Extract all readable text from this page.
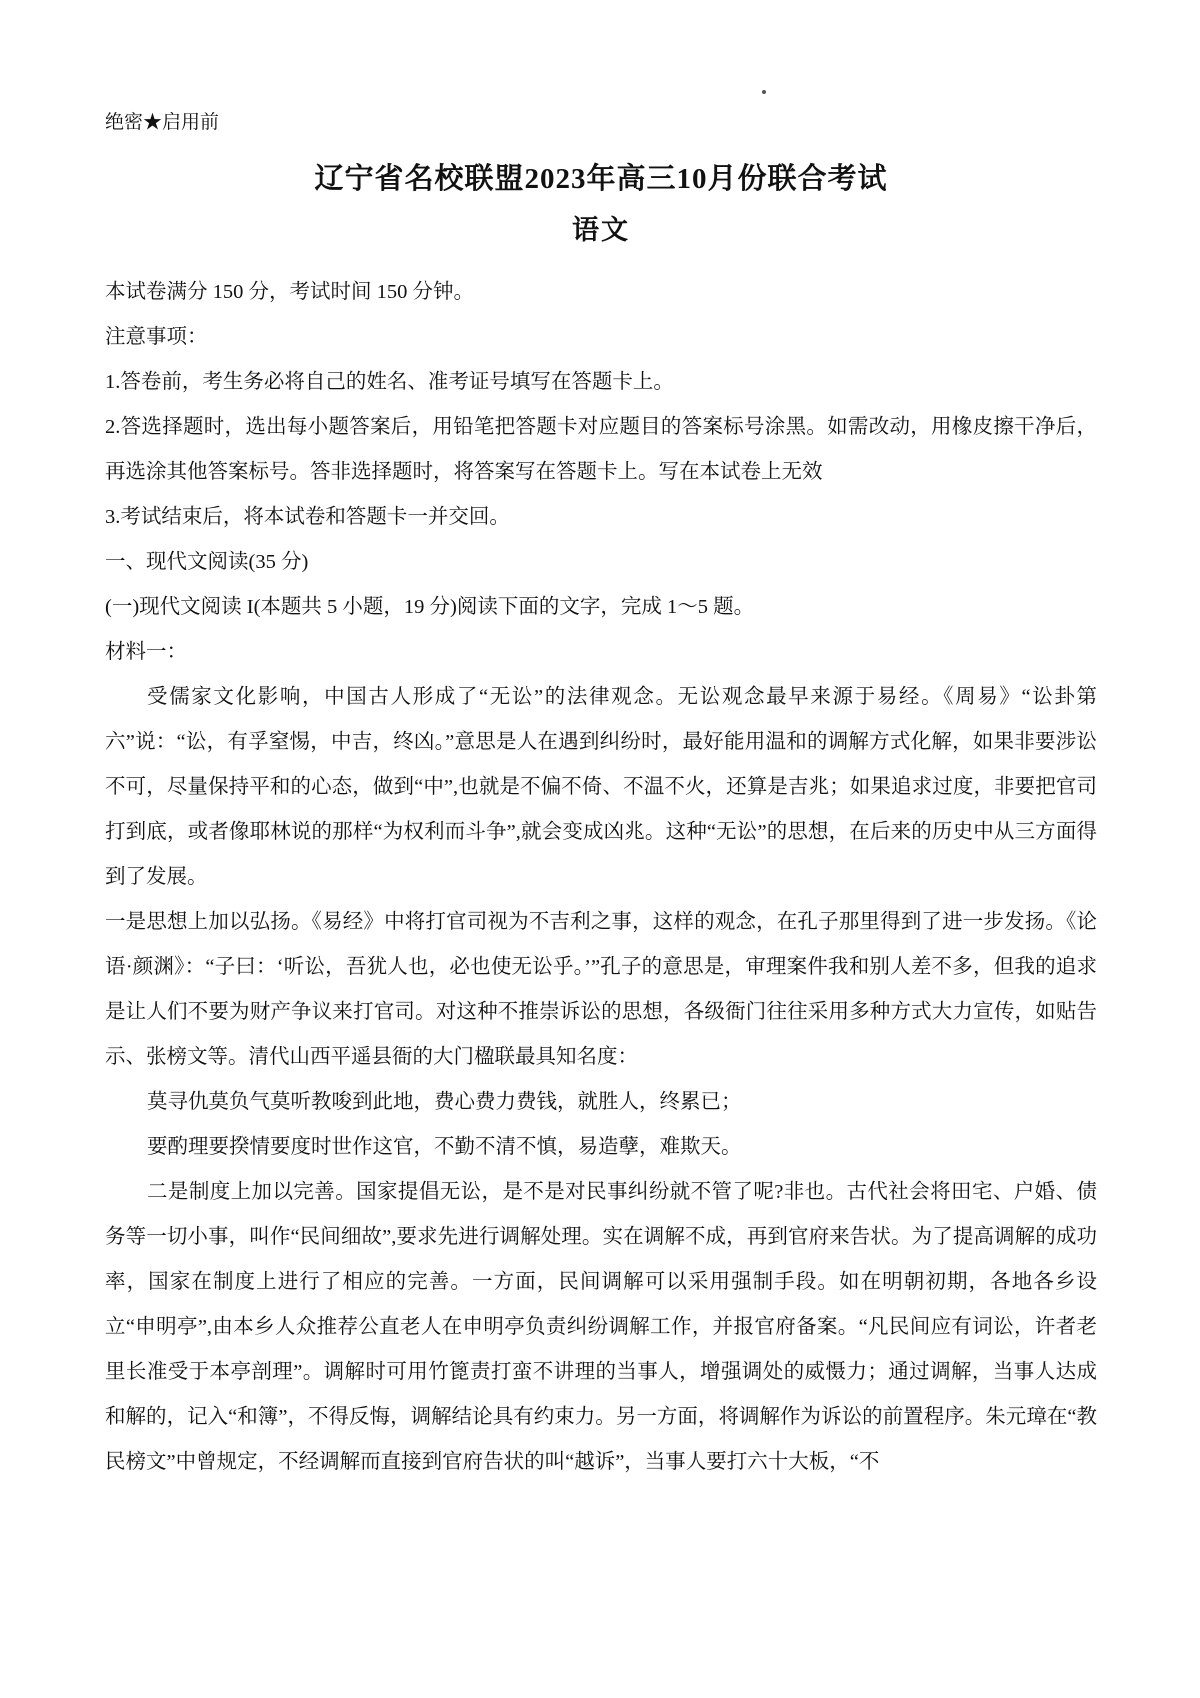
绝密★启用前
辽宁省名校联盟2023年高三10月份联合考试
语文

本试卷满分 150 分，考试时间 150 分钟。

注意事项：

1.答卷前，考生务必将自己的姓名、准考证号填写在答题卡上。

2.答选择题时，选出每小题答案后，用铅笔把答题卡对应题目的答案标号涂黑。如需改动，用橡皮擦干净后，再选涂其他答案标号。答非选择题时，将答案写在答题卡上。写在本试卷上无效

3.考试结束后，将本试卷和答题卡一并交回。

一、现代文阅读(35 分)

(一)现代文阅读 I(本题共 5 小题，19 分)阅读下面的文字，完成 1～5 题。

材料一：

受儒家文化影响，中国古人形成了“无讼”的法律观念。无讼观念最早来源于易经。《周易》“讼卦第六”说：“讼，有孚窒惕，中吉，终凶。”意思是人在遇到纠纷时，最好能用温和的调解方式化解，如果非要涉讼不可，尽量保持平和的心态，做到“中”,也就是不偏不倚、不温不火，还算是吉兆；如果追求过度，非要把官司打到底，或者像耶林说的那样“为权利而斗争”,就会变成凶兆。这种“无讼”的思想，在后来的历史中从三方面得到了发展。

一是思想上加以弘扬。《易经》中将打官司视为不吉利之事，这样的观念，在孔子那里得到了进一步发扬。《论语·颜渊》：“子曰：‘听讼，吾犹人也，必也使无讼乎。’”孔子的意思是，审理案件我和别人差不多，但我的追求是让人们不要为财产争议来打官司。对这种不推崇诉讼的思想，各级衙门往往采用多种方式大力宣传，如贴告示、张榜文等。清代山西平遥县衙的大门楹联最具知名度：

莫寻仇莫负气莫听教唆到此地，费心费力费钱，就胜人，终累已；

要酌理要揆情要度时世作这官，不勤不清不慎，易造孽，难欺天。

二是制度上加以完善。国家提倡无讼，是不是对民事纠纷就不管了呢?非也。古代社会将田宅、户婚、债务等一切小事，叫作“民间细故”,要求先进行调解处理。实在调解不成，再到官府来告状。为了提高调解的成功率，国家在制度上进行了相应的完善。一方面，民间调解可以采用强制手段。如在明朝初期，各地各乡设立“申明亭”,由本乡人众推荐公直老人在申明亭负责纠纷调解工作，并报官府备案。“凡民间应有词讼，许者老里长准受于本亭剖理”。调解时可用竹篦责打蛮不讲理的当事人，增强调处的威慑力；通过调解，当事人达成和解的，记入“和簿”，不得反悔，调解结论具有约束力。另一方面，将调解作为诉讼的前置程序。朱元璋在“教民榜文”中曾规定，不经调解而直接到官府告状的叫“越诉”，当事人要打六十大板，“不
